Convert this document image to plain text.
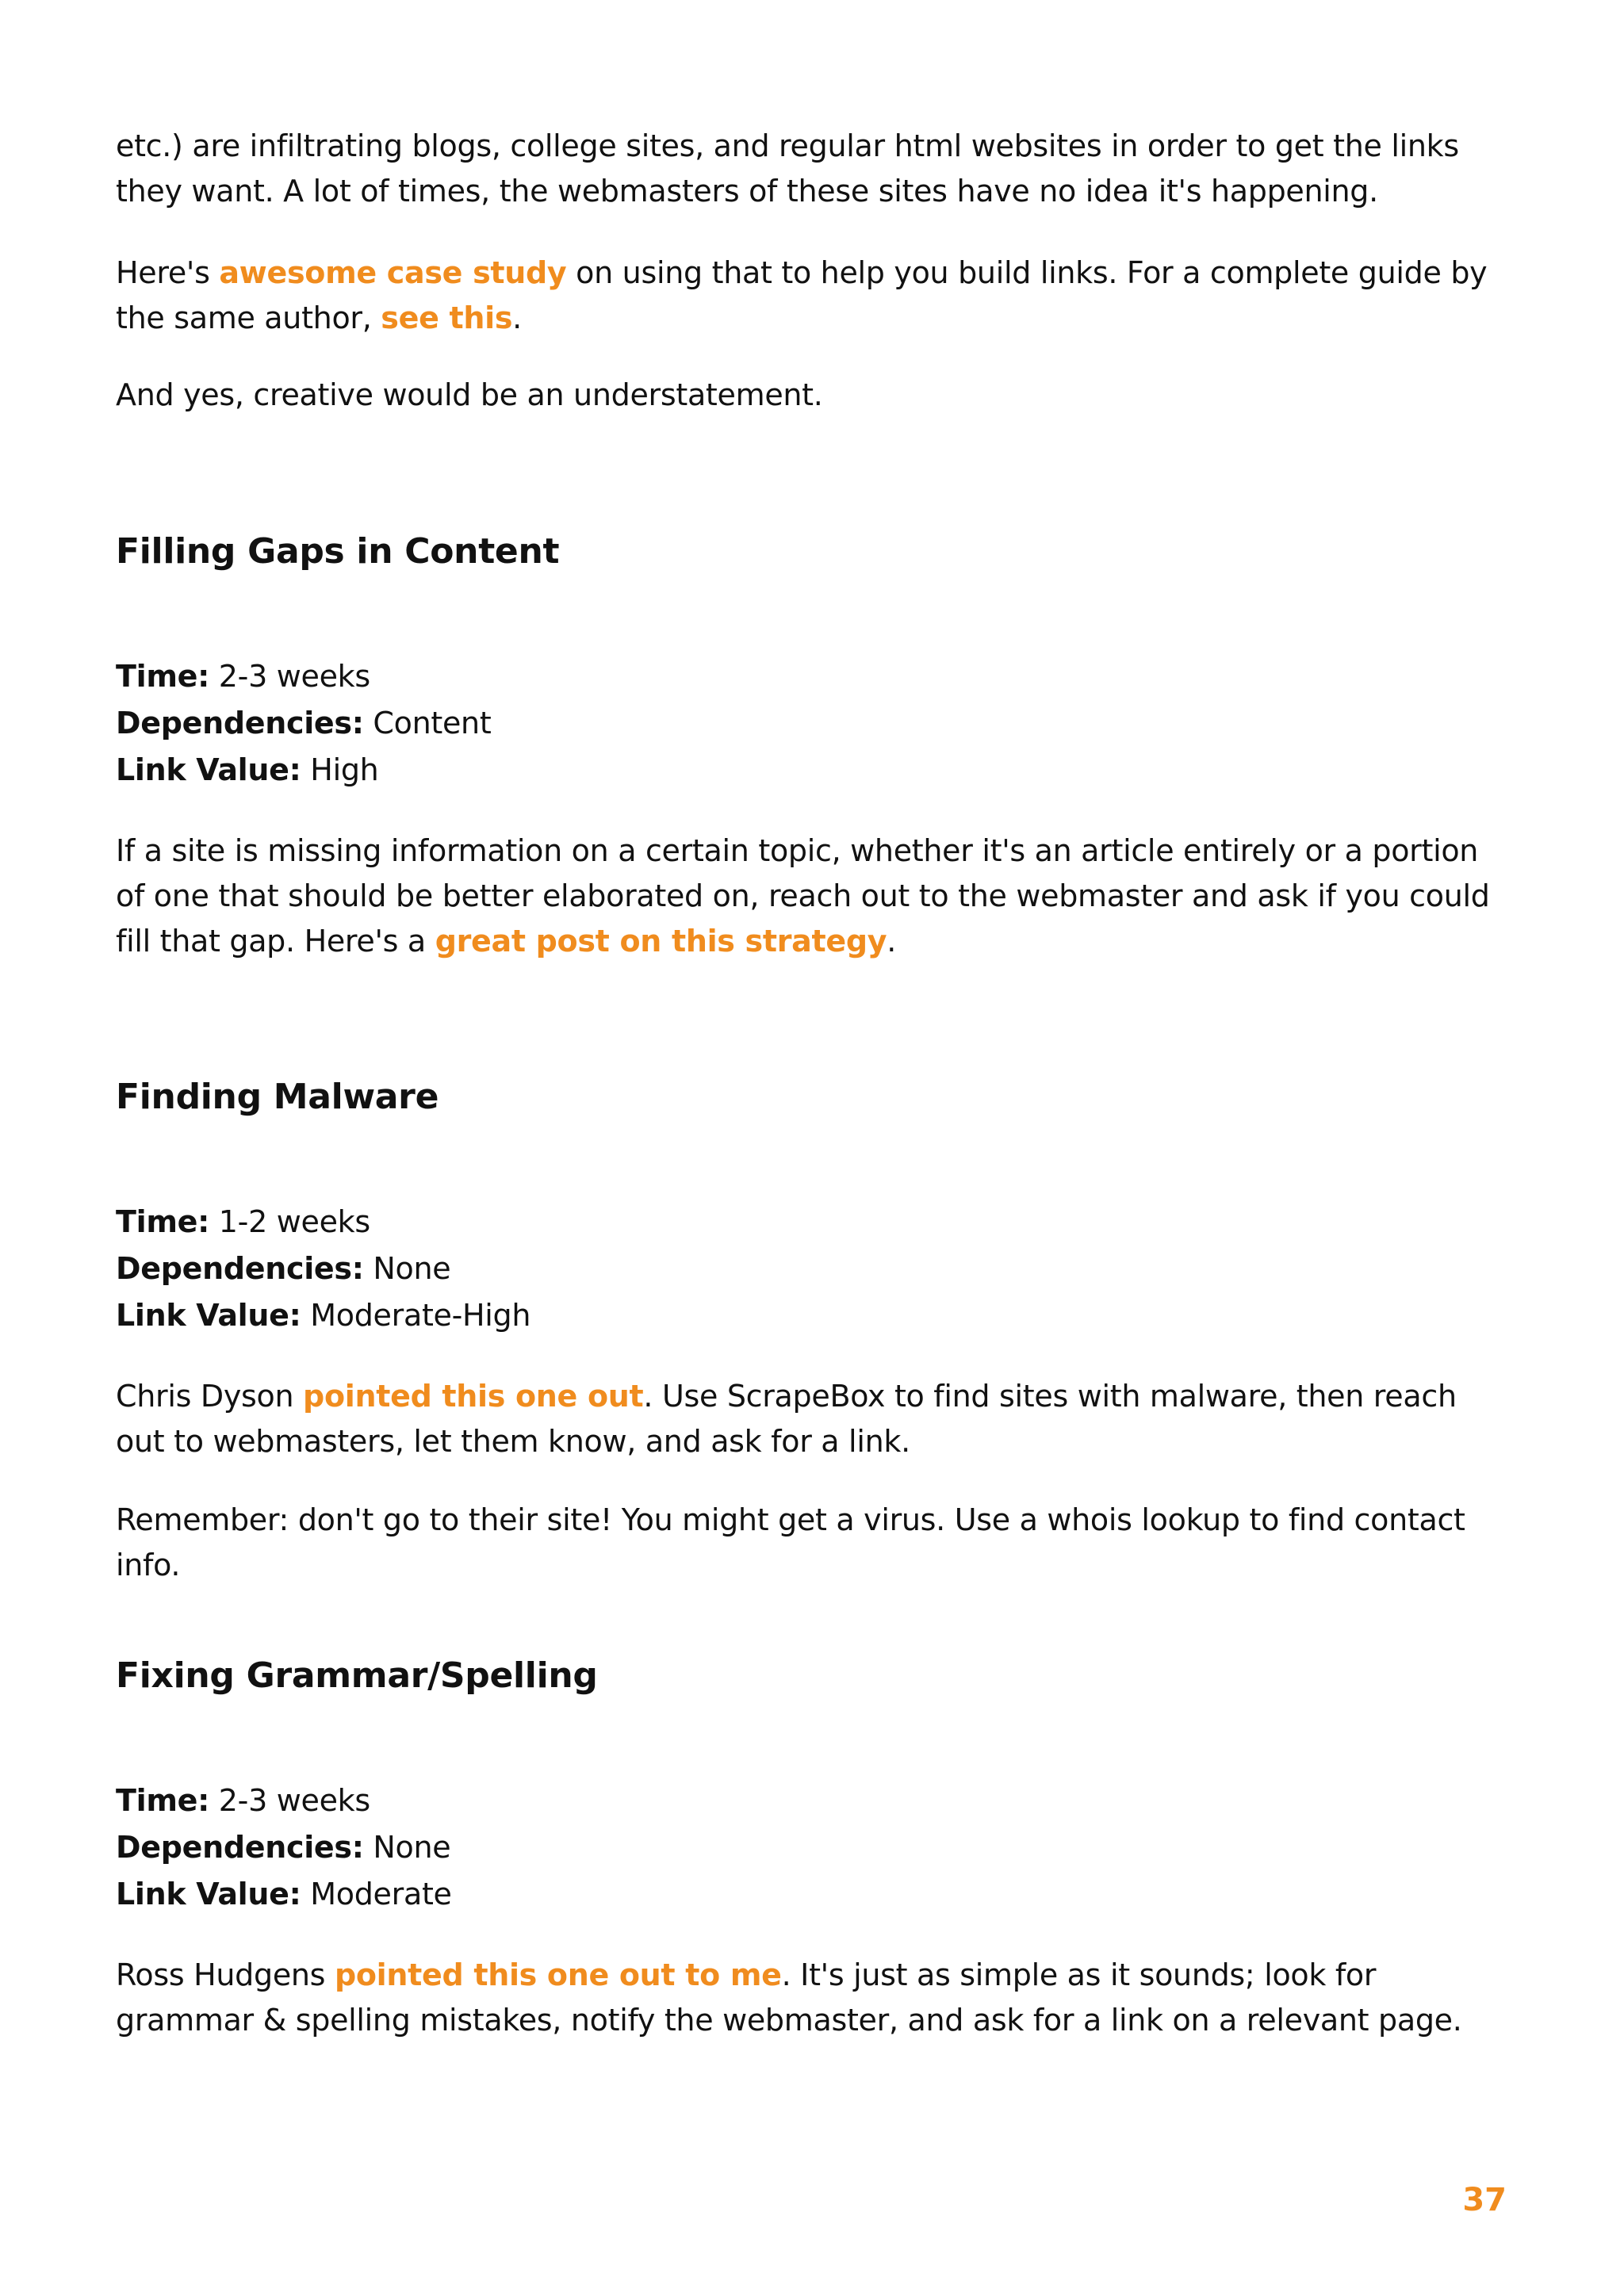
etc.) are infiltrating blogs, college sites, and regular html websites in order to get the links they want. A lot of times, the webmasters of these sites have no idea it's happening.

Here's awesome case study on using that to help you build links. For a complete guide by the same author, see this.

And yes, creative would be an understatement.

Filling Gaps in Content
Time: 2-3 weeks
Dependencies: Content
Link Value: High

If a site is missing information on a certain topic, whether it's an article entirely or a portion of one that should be better elaborated on, reach out to the webmaster and ask if you could fill that gap. Here's a great post on this strategy.

Finding Malware
Time: 1-2 weeks
Dependencies: None
Link Value: Moderate-High

Chris Dyson pointed this one out. Use ScrapeBox to find sites with malware, then reach out to webmasters, let them know, and ask for a link.

Remember: don't go to their site! You might get a virus. Use a whois lookup to find contact info.

Fixing Grammar/Spelling
Time: 2-3 weeks
Dependencies: None
Link Value: Moderate

Ross Hudgens pointed this one out to me. It's just as simple as it sounds; look for grammar & spelling mistakes, notify the webmaster, and ask for a link on a relevant page.

37
